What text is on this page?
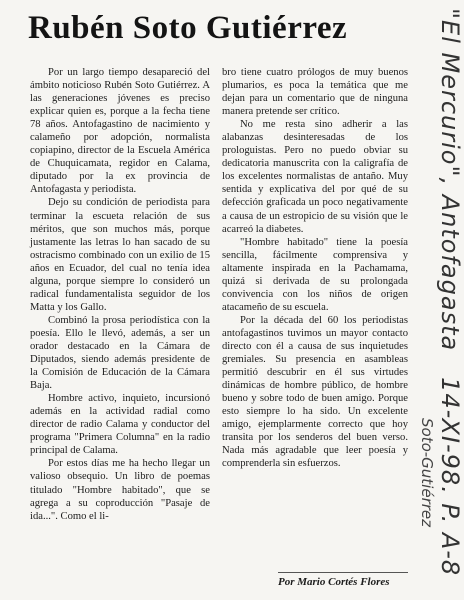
Rubén Soto Gutiérrez

Por un largo tiempo desapareció del ámbito noticioso Rubén Soto Gutiérrez. A las generaciones jóvenes es preciso explicar quien es, porque a la fecha tiene 78 años. Antofagastino de nacimiento y calameño por adopción, normalista copiapino, director de la Escuela América de Chuquicamata, regidor en Calama, diputado por la ex provincia de Antofagasta y periodista.

Dejo su condición de periodista para terminar la escueta relación de sus méritos, que son muchos más, porque justamente las letras lo han sacado de su ostracismo combinado con un exilio de 15 años en Ecuador, del cual no tenía idea alguna, porque siempre lo consideró un radical fundamentalista seguidor de los Matta y los Gallo.

Combinó la prosa periodística con la poesía. Ello le llevó, además, a ser un orador destacado en la Cámara de Diputados, siendo además presidente de la Comisión de Educación de la Cámara Baja.

Hombre activo, inquieto, incursionó además en la actividad radial como director de radio Calama y conductor del programa "Primera Columna" en la radio principal de Calama.

Por estos días me ha hecho llegar un valioso obsequio. Un libro de poemas titulado "Hombre habitado", que se agrega a su coproducción "Pasaje de ida...". Como el li-

bro tiene cuatro prólogos de muy buenos plumarios, es poca la temática que me dejan para un comentario que de ninguna manera pretende ser crítico.

No me resta sino adherir a las alabanzas desinteresadas de los prologuistas. Pero no puedo obviar su dedicatoria manuscrita con la caligrafía de los excelentes normalistas de antaño. Muy sentida y explicativa del por qué de su defección graficada un poco negativamente a causa de un estropicio de su visión que le acarreó la diabetes.

"Hombre habitado" tiene la poesía sencilla, fácilmente comprensiva y altamente inspirada en la Pachamama, quizá si derivada de su prolongada convivencia con los niños de origen atacameño de su escuela.

Por la década del 60 los periodistas antofagastinos tuvimos un mayor contacto directo con él a causa de sus inquietudes gremiales. Su presencia en asambleas permitió descubrir en él sus virtudes dinámicas de hombre público, de hombre bueno y sobre todo de buen amigo. Porque esto siempre lo ha sido. Un excelente amigo, ejemplarmente correcto que hoy transita por los senderos del buen verso. Nada más agradable que leer poesía y comprenderla sin esfuerzos.

Por Mario Cortés Flores
"El Mercurio", Antofagasta   14-XI-98. P. A-8
Soto-Gutiérrez
